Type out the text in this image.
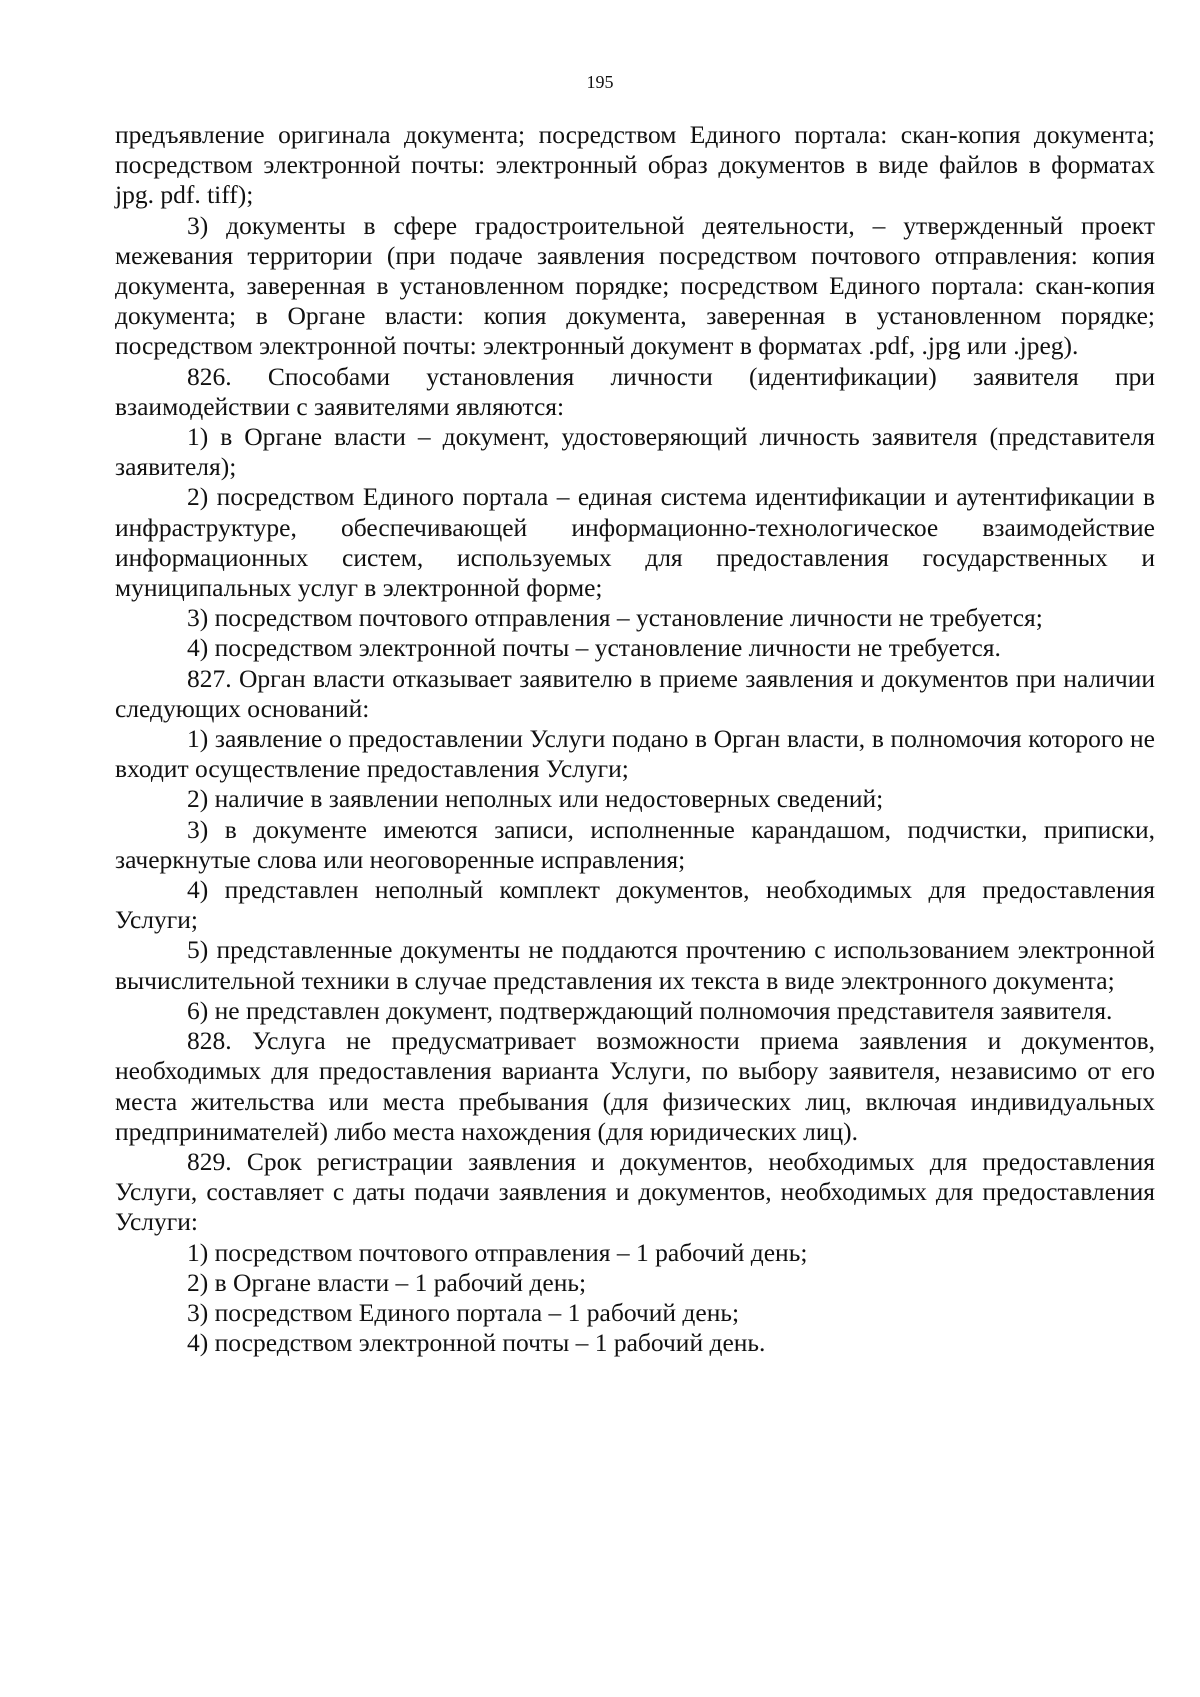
195

предъявление оригинала документа; посредством Единого портала: скан-копия документа; посредством электронной почты: электронный образ документов в виде файлов в форматах jpg. pdf. tiff);

3) документы в сфере градостроительной деятельности, – утвержденный проект межевания территории (при подаче заявления посредством почтового отправления: копия документа, заверенная в установленном порядке; посредством Единого портала: скан-копия документа; в Органе власти: копия документа, заверенная в установленном порядке; посредством электронной почты: электронный документ в форматах .pdf, .jpg или .jpeg).

826. Способами установления личности (идентификации) заявителя при взаимодействии с заявителями являются:

1) в Органе власти – документ, удостоверяющий личность заявителя (представителя заявителя);

2) посредством Единого портала – единая система идентификации и аутентификации в инфраструктуре, обеспечивающей информационно-технологическое взаимодействие информационных систем, используемых для предоставления государственных и муниципальных услуг в электронной форме;

3) посредством почтового отправления – установление личности не требуется;

4) посредством электронной почты – установление личности не требуется.

827. Орган власти отказывает заявителю в приеме заявления и документов при наличии следующих оснований:

1) заявление о предоставлении Услуги подано в Орган власти, в полномочия которого не входит осуществление предоставления Услуги;

2) наличие в заявлении неполных или недостоверных сведений;

3) в документе имеются записи, исполненные карандашом, подчистки, приписки, зачеркнутые слова или неоговоренные исправления;

4) представлен неполный комплект документов, необходимых для предоставления Услуги;

5) представленные документы не поддаются прочтению с использованием электронной вычислительной техники в случае представления их текста в виде электронного документа;

6) не представлен документ, подтверждающий полномочия представителя заявителя.

828. Услуга не предусматривает возможности приема заявления и документов, необходимых для предоставления варианта Услуги, по выбору заявителя, независимо от его места жительства или места пребывания (для физических лиц, включая индивидуальных предпринимателей) либо места нахождения (для юридических лиц).

829. Срок регистрации заявления и документов, необходимых для предоставления Услуги, составляет с даты подачи заявления и документов, необходимых для предоставления Услуги:

1) посредством почтового отправления – 1 рабочий день;

2) в Органе власти – 1 рабочий день;

3) посредством Единого портала – 1 рабочий день;

4) посредством электронной почты – 1 рабочий день.
